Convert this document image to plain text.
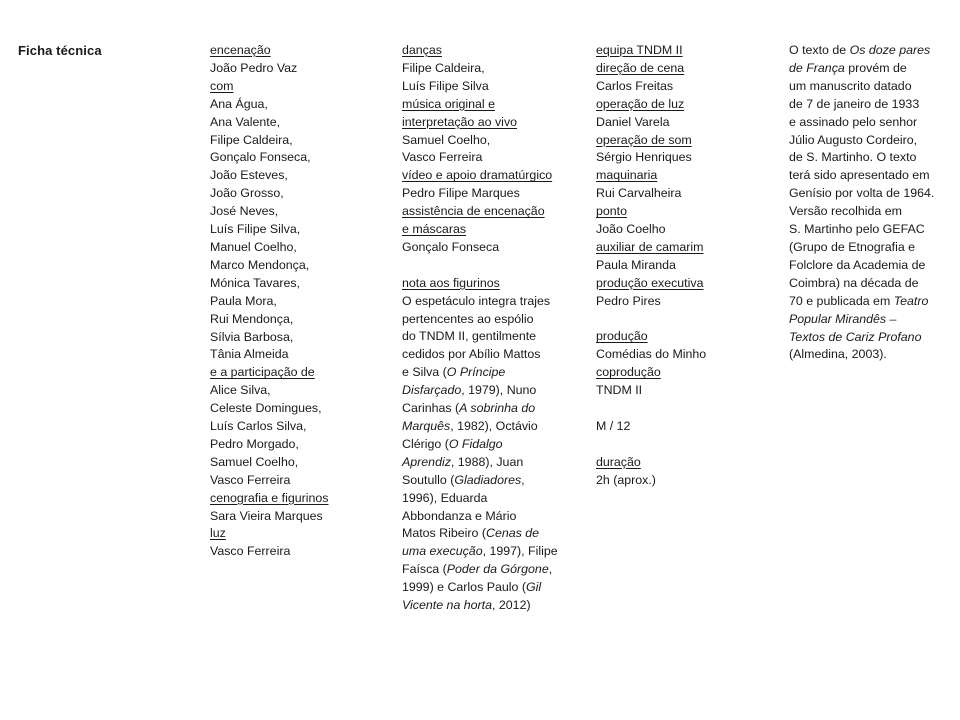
Ficha técnica	encenação
João Pedro Vaz
com
Ana Água,
Ana Valente,
Filipe Caldeira,
Gonçalo Fonseca,
João Esteves,
João Grosso,
José Neves,
Luís Filipe Silva,
Manuel Coelho,
Marco Mendonça,
Mónica Tavares,
Paula Mora,
Rui Mendonça,
Sílvia Barbosa,
Tânia Almeida
e a participação de
Alice Silva,
Celeste Domingues,
Luís Carlos Silva,
Pedro Morgado,
Samuel Coelho,
Vasco Ferreira
cenografia e figurinos
Sara Vieira Marques
luz
Vasco Ferreira
danças
Filipe Caldeira,
Luís Filipe Silva
música original e
interpretação ao vivo
Samuel Coelho,
Vasco Ferreira
vídeo e apoio dramatúrgico
Pedro Filipe Marques
assistência de encenação
e máscaras
Gonçalo Fonseca
nota aos figurinos
O espetáculo integra trajes
pertencentes ao espólio
do TNDM II, gentilmente
cedidos por Abílio Mattos
e Silva (O Príncipe
Disfarçado, 1979), Nuno
Carinhas (A sobrinha do
Marquês, 1982), Octávio
Clérigo (O Fidalgo
Aprendiz, 1988), Juan
Soutullo (Gladiadores,
1996), Eduarda
Abbondanza e Mário
Matos Ribeiro (Cenas de
uma execução, 1997), Filipe
Faísca (Poder da Górgone,
1999) e Carlos Paulo (Gil
Vicente na horta, 2012)
equipa TNDM II
direção de cena
Carlos Freitas
operação de luz
Daniel Varela
operação de som
Sérgio Henriques
maquinaria
Rui Carvalheira
ponto
João Coelho
auxiliar de camarim
Paula Miranda
produção executiva
Pedro Pires
produção
Comédias do Minho
coprodução
TNDM II
M / 12
duração
2h (aprox.)
O texto de Os doze pares
de França provém de
um manuscrito datado
de 7 de janeiro de 1933
e assinado pelo senhor
Júlio Augusto Cordeiro,
de S. Martinho. O texto
terá sido apresentado em
Genísio por volta de 1964.
Versão recolhida em
S. Martinho pelo GEFAC
(Grupo de Etnografia e
Folclore da Academia de
Coimbra) na década de
70 e publicada em Teatro
Popular Mirandês –
Textos de Cariz Profano
(Almedina, 2003).
